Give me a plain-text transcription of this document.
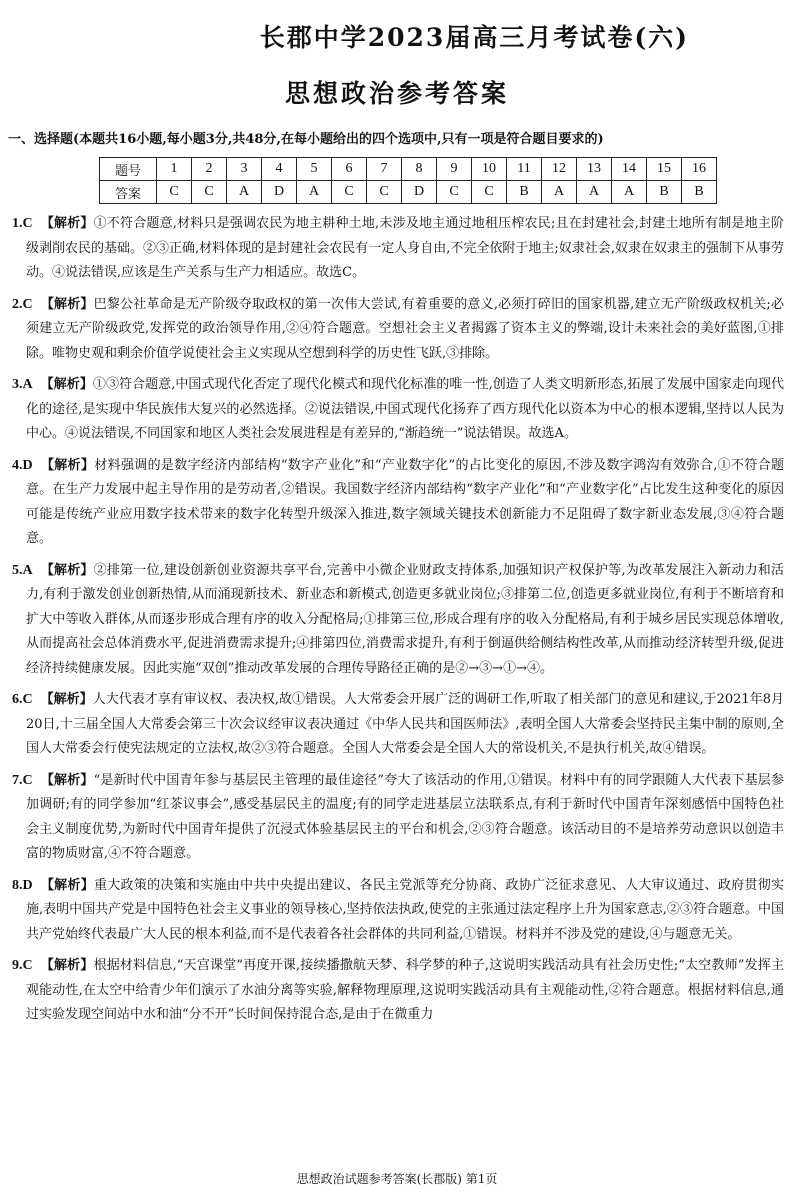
长郡中学2023届高三月考试卷(六)
思想政治参考答案
一、选择题(本题共16小题,每小题3分,共48分,在每小题给出的四个选项中,只有一项是符合题目要求的)
题号	1	2	3	4	5	6	7	8	9	10	11	12	13	14	15	16
答案	C	C	A	D	A	C	C	D	C	C	B	A	A	A	B	B

1.C 【解析】①不符合题意,材料只是强调农民为地主耕种土地,未涉及地主通过地租压榨农民;且在封建社会,封建土地所有制是地主阶级剥削农民的基础。②③正确,材料体现的是封建社会农民有一定人身自由,不完全依附于地主;奴隶社会,奴隶在奴隶主的强制下从事劳动。④说法错误,应该是生产关系与生产力相适应。故选C。

2.C 【解析】巴黎公社革命是无产阶级夺取政权的第一次伟大尝试,有着重要的意义,必须打碎旧的国家机器,建立无产阶级政权机关;必须建立无产阶级政党,发挥党的政治领导作用,②④符合题意。空想社会主义者揭露了资本主义的弊端,设计未来社会的美好蓝图,①排除。唯物史观和剩余价值学说使社会主义实现从空想到科学的历史性飞跃,③排除。

3.A 【解析】①③符合题意,中国式现代化否定了现代化模式和现代化标准的唯一性,创造了人类文明新形态,拓展了发展中国家走向现代化的途径,是实现中华民族伟大复兴的必然选择。②说法错误,中国式现代化扬弃了西方现代化以资本为中心的根本逻辑,坚持以人民为中心。④说法错误,不同国家和地区人类社会发展进程是有差异的,“渐趋统一”说法错误。故选A。

4.D 【解析】材料强调的是数字经济内部结构“数字产业化”和“产业数字化”的占比变化的原因,不涉及数字鸿沟有效弥合,①不符合题意。在生产力发展中起主导作用的是劳动者,②错误。我国数字经济内部结构“数字产业化”和“产业数字化”占比发生这种变化的原因可能是传统产业应用数字技术带来的数字化转型升级深入推进,数字领域关键技术创新能力不足阻碍了数字新业态发展,③④符合题意。

5.A 【解析】②排第一位,建设创新创业资源共享平台,完善中小微企业财政支持体系,加强知识产权保护等,为改革发展注入新动力和活力,有利于激发创业创新热情,从而涌现新技术、新业态和新模式,创造更多就业岗位;③排第二位,创造更多就业岗位,有利于不断培育和扩大中等收入群体,从而逐步形成合理有序的收入分配格局;①排第三位,形成合理有序的收入分配格局,有利于城乡居民实现总体增收,从而提高社会总体消费水平,促进消费需求提升;④排第四位,消费需求提升,有利于倒逼供给侧结构性改革,从而推动经济转型升级,促进经济持续健康发展。因此实施“双创”推动改革发展的合理传导路径正确的是②→③→①→④。

6.C 【解析】人大代表才享有审议权、表决权,故①错误。人大常委会开展广泛的调研工作,听取了相关部门的意见和建议,于2021年8月20日,十三届全国人大常委会第三十次会议经审议表决通过《中华人民共和国医师法》,表明全国人大常委会坚持民主集中制的原则,全国人大常委会行使宪法规定的立法权,故②③符合题意。全国人大常委会是全国人大的常设机关,不是执行机关,故④错误。

7.C 【解析】“是新时代中国青年参与基层民主管理的最佳途径”夸大了该活动的作用,①错误。材料中有的同学跟随人大代表下基层参加调研;有的同学参加“红茶议事会”,感受基层民主的温度;有的同学走进基层立法联系点,有利于新时代中国青年深刻感悟中国特色社会主义制度优势,为新时代中国青年提供了沉浸式体验基层民主的平台和机会,②③符合题意。该活动目的不是培养劳动意识以创造丰富的物质财富,④不符合题意。

8.D 【解析】重大政策的决策和实施由中共中央提出建议、各民主党派等充分协商、政协广泛征求意见、人大审议通过、政府贯彻实施,表明中国共产党是中国特色社会主义事业的领导核心,坚持依法执政,使党的主张通过法定程序上升为国家意志,②③符合题意。中国共产党始终代表最广大人民的根本利益,而不是代表着各社会群体的共同利益,①错误。材料并不涉及党的建设,④与题意无关。

9.C 【解析】根据材料信息,“天宫课堂”再度开课,接续播撒航天梦、科学梦的种子,这说明实践活动具有社会历史性;“太空教师”发挥主观能动性,在太空中给青少年们演示了水油分离等实验,解释物理原理,这说明实践活动具有主观能动性,②符合题意。根据材料信息,通过实验发现空间站中水和油“分不开”长时间保持混合态,是由于在微重力

思想政治试题参考答案(长郡版) 第1页
